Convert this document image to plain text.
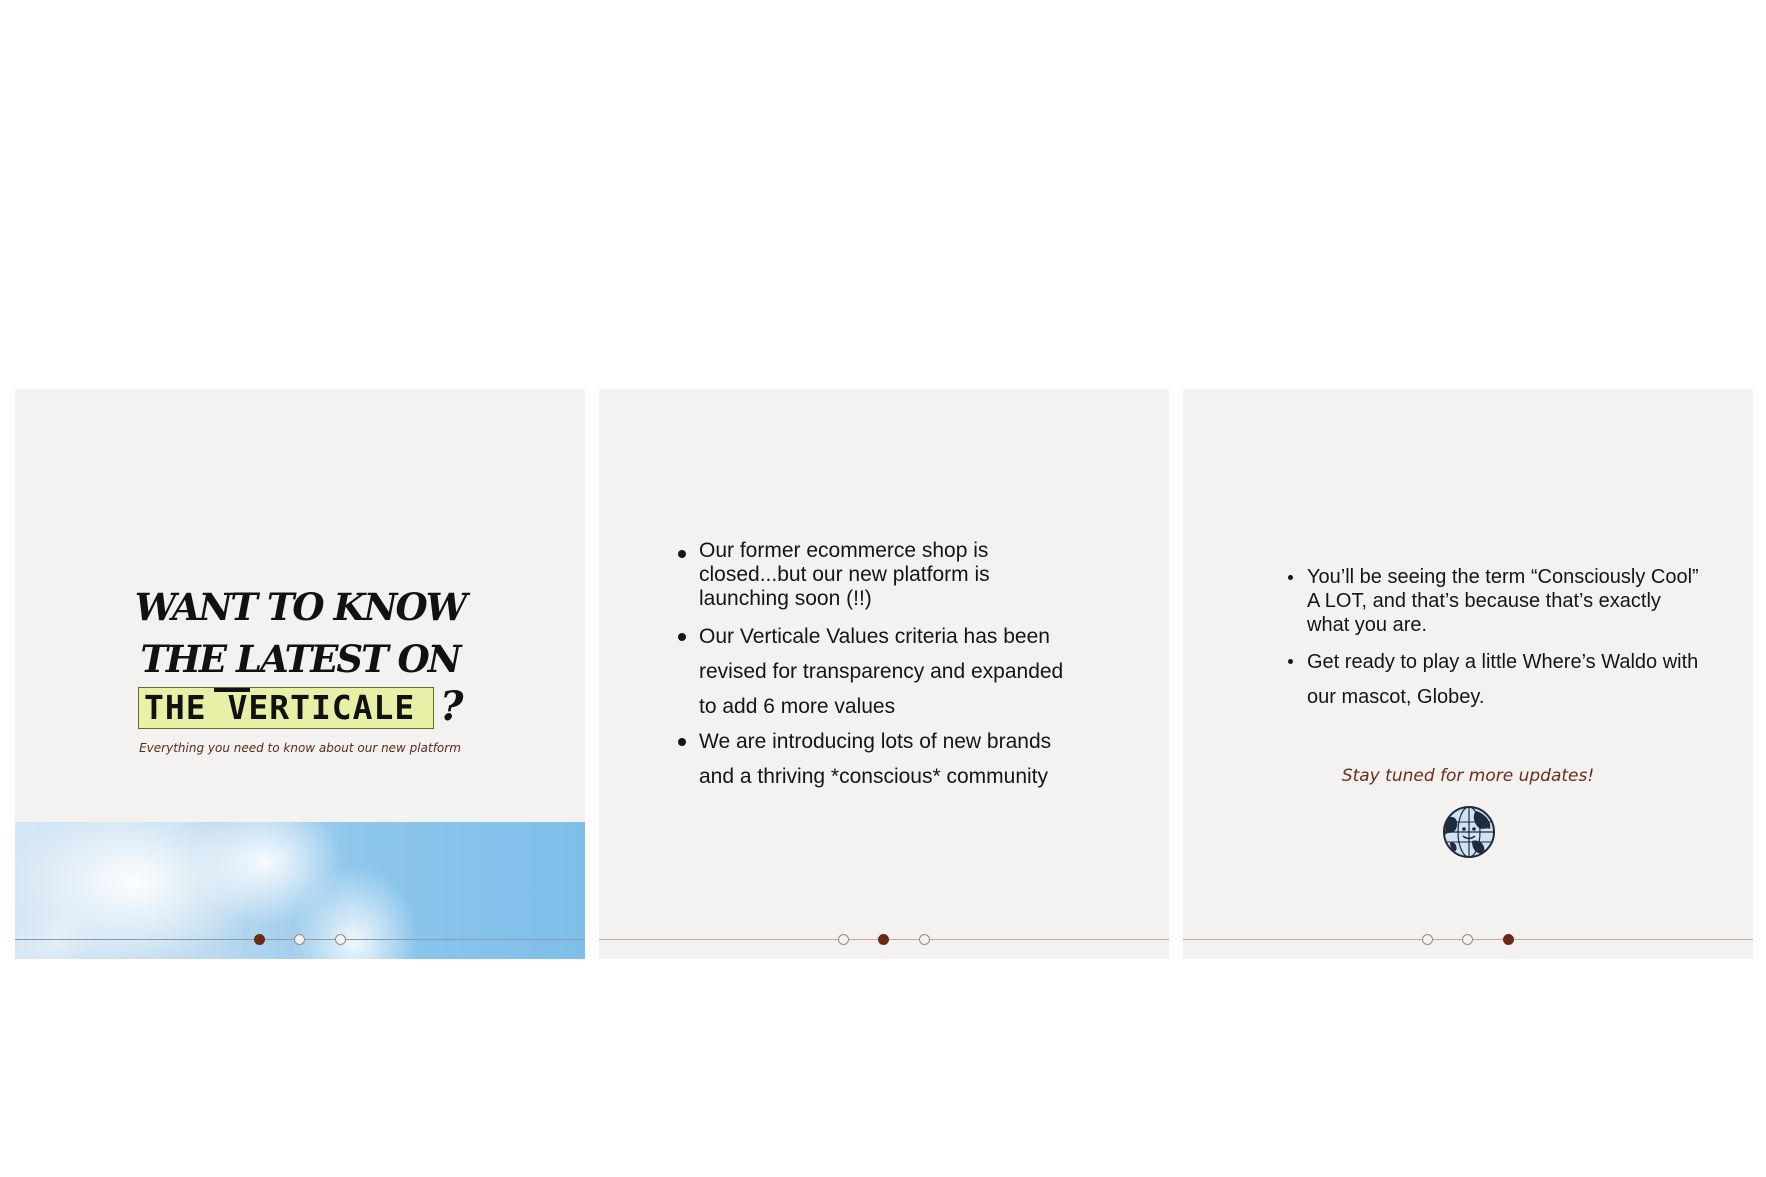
WANT TO KNOW
THE LATEST ON
THE VERTICALE ?
Everything you need to know about our new platform
Our former ecommerce shop is closed...but our new platform is launching soon (!!)
Our Verticale Values criteria has been revised for transparency and expanded to add 6 more values
We are introducing lots of new brands and a thriving *conscious* community
You’ll be seeing the term “Consciously Cool” A LOT, and that’s because that’s exactly what you are.
Get ready to play a little Where’s Waldo with our mascot, Globey.
Stay tuned for more updates!
